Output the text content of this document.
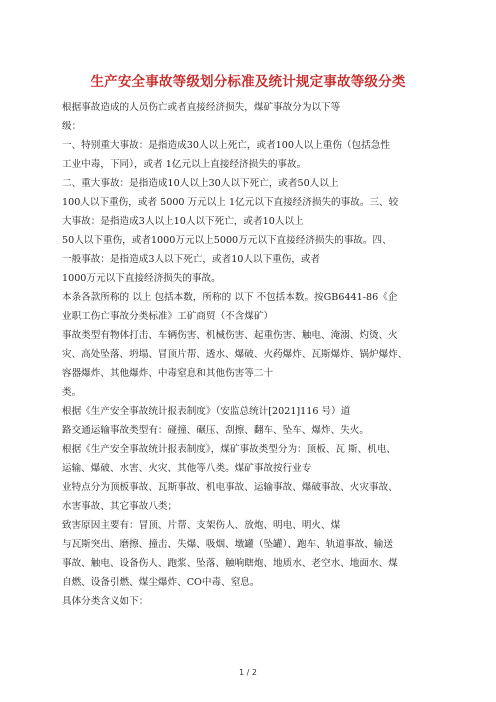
生产安全事故等级划分标准及统计规定事故等级分类
根据事故造成的人员伤亡或者直接经济损失，煤矿事故分为以下等
级：
一、特别重大事故：是指造成30人以上死亡，或者100人以上重伤（包括急性
工业中毒，下同），或者 1亿元以上直接经济损失的事故。
二、重大事故：是指造成10人以上30人以下死亡，或者50人以上
100人以下重伤，或者 5000 万元以上 1亿元以下直接经济损失的事故。三、较
大事故：是指造成3人以上10人以下死亡，或者10人以上
50人以下重伤，或者1000万元以上5000万元以下直接经济损失的事故。四、
一般事故：是指造成3人以下死亡，或者10人以下重伤，或者
1000万元以下直接经济损失的事故。
本条各款所称的 以上 包括本数，所称的 以下 不包括本数。按GB6441-86《企
业职工伤亡事故分类标准》工矿商贸（不含煤矿）
事故类型有物体打击、车辆伤害、机械伤害、起重伤害、触电、淹溺、灼烫、火
灾、高处坠落、坍塌、冒顶片帮、透水、爆破、火药爆炸、瓦斯爆炸、锅炉爆炸、
容器爆炸、其他爆炸、中毒窒息和其他伤害等二十
类。
根据《生产安全事故统计报表制度》（安监总统计[2021]116 号）道
路交通运输事故类型有：碰撞、碾压、刮擦、翻车、坠车、爆炸、失火。
根据《生产安全事故统计报表制度》，煤矿事故类型分为：顶板、瓦 斯、机电、
运输、爆破、水害、火灾、其他等八类。煤矿事故按行业专
业特点分为顶板事故、瓦斯事故、机电事故、运输事故、爆破事故、火灾事故、
水害事故、其它事故八类；
致害原因主要有：冒顶、片帮、支架伤人、放炮、明电、明火、煤
与瓦斯突出、磨擦、撞击、失爆、吸烟、墩罐（坠罐）、跑车、轨道事故、输送
事故、触电、设备伤人、跑浆、坠落、触响瞎炮、地质水、老空水、地面水、煤
自燃、设备引燃、煤尘爆炸、CO中毒、窒息。
具体分类含义如下：
1 / 2
